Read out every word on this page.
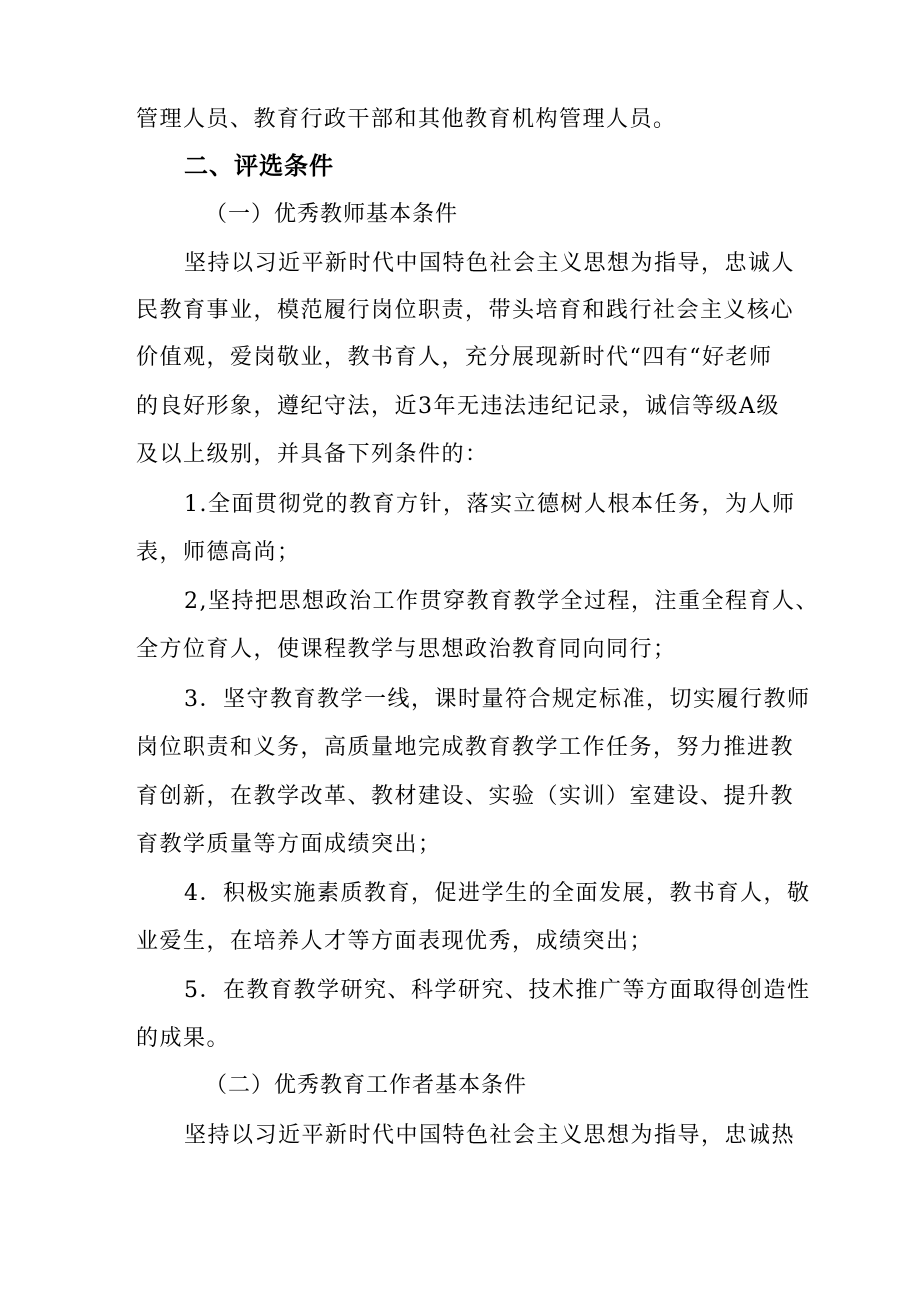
管理人员、教育行政干部和其他教育机构管理人员。
二、评选条件
（一）优秀教师基本条件
坚持以习近平新时代中国特色社会主义思想为指导，忠诚人
民教育事业，模范履行岗位职责，带头培育和践行社会主义核心
价值观，爱岗敬业，教书育人，充分展现新时代“四有“好老师
的良好形象，遵纪守法，近3年无违法违纪记录，诚信等级A级
及以上级别，并具备下列条件的：
1.全面贯彻党的教育方针，落实立德树人根本任务，为人师
表，师德高尚；
2,坚持把思想政治工作贯穿教育教学全过程，注重全程育人、
全方位育人，使课程教学与思想政治教育同向同行；
3．坚守教育教学一线，课时量符合规定标准，切实履行教师
岗位职责和义务，高质量地完成教育教学工作任务，努力推进教
育创新，在教学改革、教材建设、实验（实训）室建设、提升教
育教学质量等方面成绩突出；
4．积极实施素质教育，促进学生的全面发展，教书育人，敬
业爱生，在培养人才等方面表现优秀，成绩突出；
5．在教育教学研究、科学研究、技术推广等方面取得创造性
的成果。
（二）优秀教育工作者基本条件
坚持以习近平新时代中国特色社会主义思想为指导，忠诚热
